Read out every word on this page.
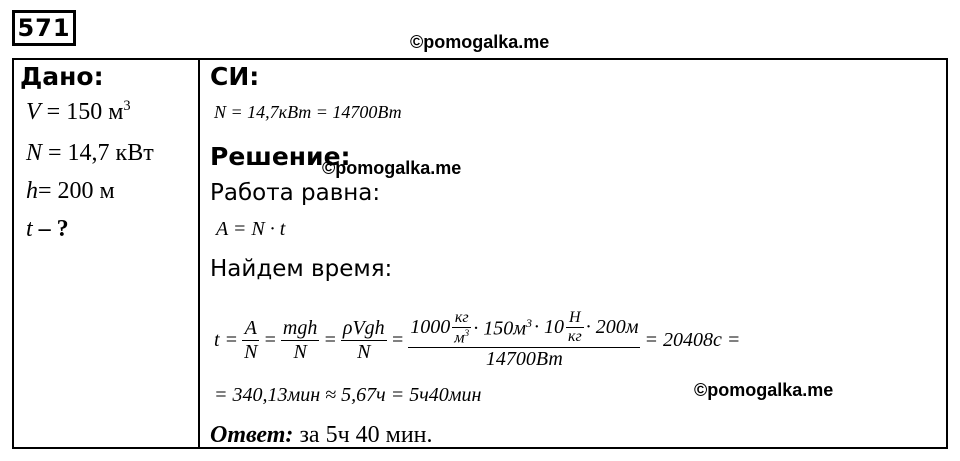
571	©pomogalka.me
Дано:
V = 150 $м^3$
N = 14,7 кВт
h= 200 м
t – ?
СИ:
N = 14,7кВт = 14700Вт
Решение:
©pomogalka.me
Работа равна:
A = N · t
Найдем время:
$t = \frac{A}{N} = \frac{\text{mgh}}{N} = \frac{\text{ρVgh}}{N}$ =
$1000 \frac{кг}{м^3} \cdot 150м^3 \cdot 10 \frac{Н}{кг} \cdot 200м$
14700Вт
= 20408с =
= 340,13мин ≈ 5,67ч = 5ч40мин	©pomogalka.me
Ответ: за 5ч 40 мин.
